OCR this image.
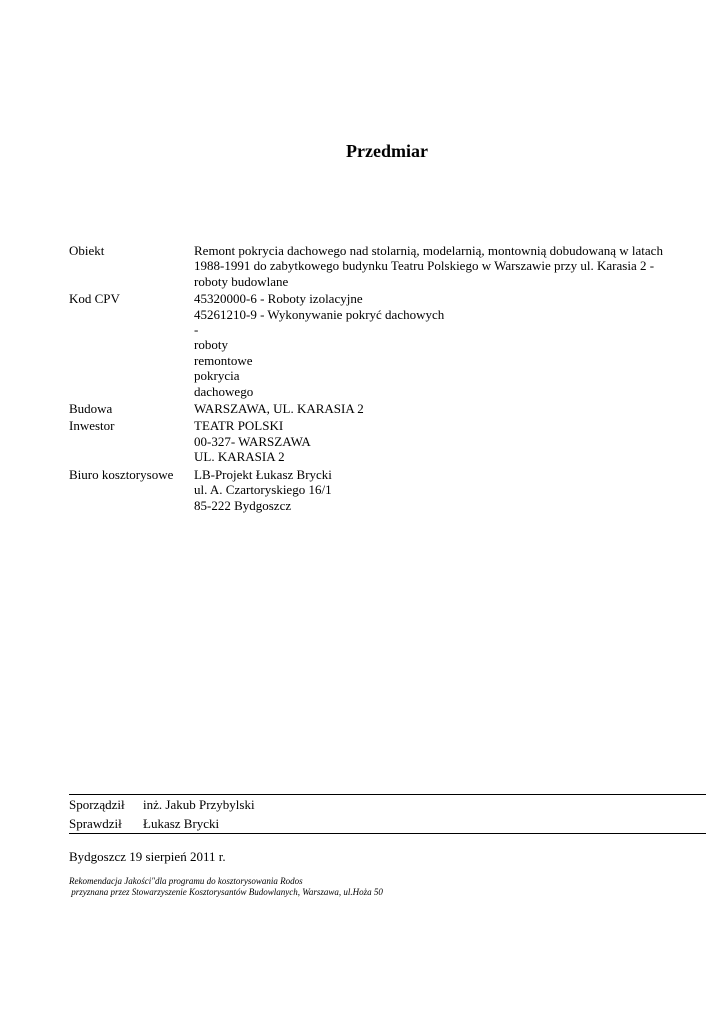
Przedmiar
Obiekt	Remont pokrycia dachowego nad stolarnią, modelarnią, montownią dobudowaną w latach 1988-1991 do zabytkowego budynku Teatru Polskiego w Warszawie przy ul. Karasia 2 - roboty budowlane
Kod CPV	45320000-6 - Roboty izolacyjne
45261210-9 - Wykonywanie pokryć dachowych
-
roboty
remontowe
pokrycia
dachowego
Budowa	WARSZAWA, UL. KARASIA 2
Inwestor	TEATR POLSKI
00-327- WARSZAWA
UL. KARASIA 2
Biuro kosztorysowe	LB-Projekt Łukasz Brycki
ul. A. Czartoryskiego 16/1
85-222 Bydgoszcz
Sporządził	inż. Jakub Przybylski
Sprawdził	Łukasz Brycki
Bydgoszcz 19 sierpień 2011 r.
Rekomendacja Jakości"dla programu do kosztorysowania Rodos
przyznana przez Stowarzyszenie Kosztorysantów Budowlanych, Warszawa, ul.Hoża 50
